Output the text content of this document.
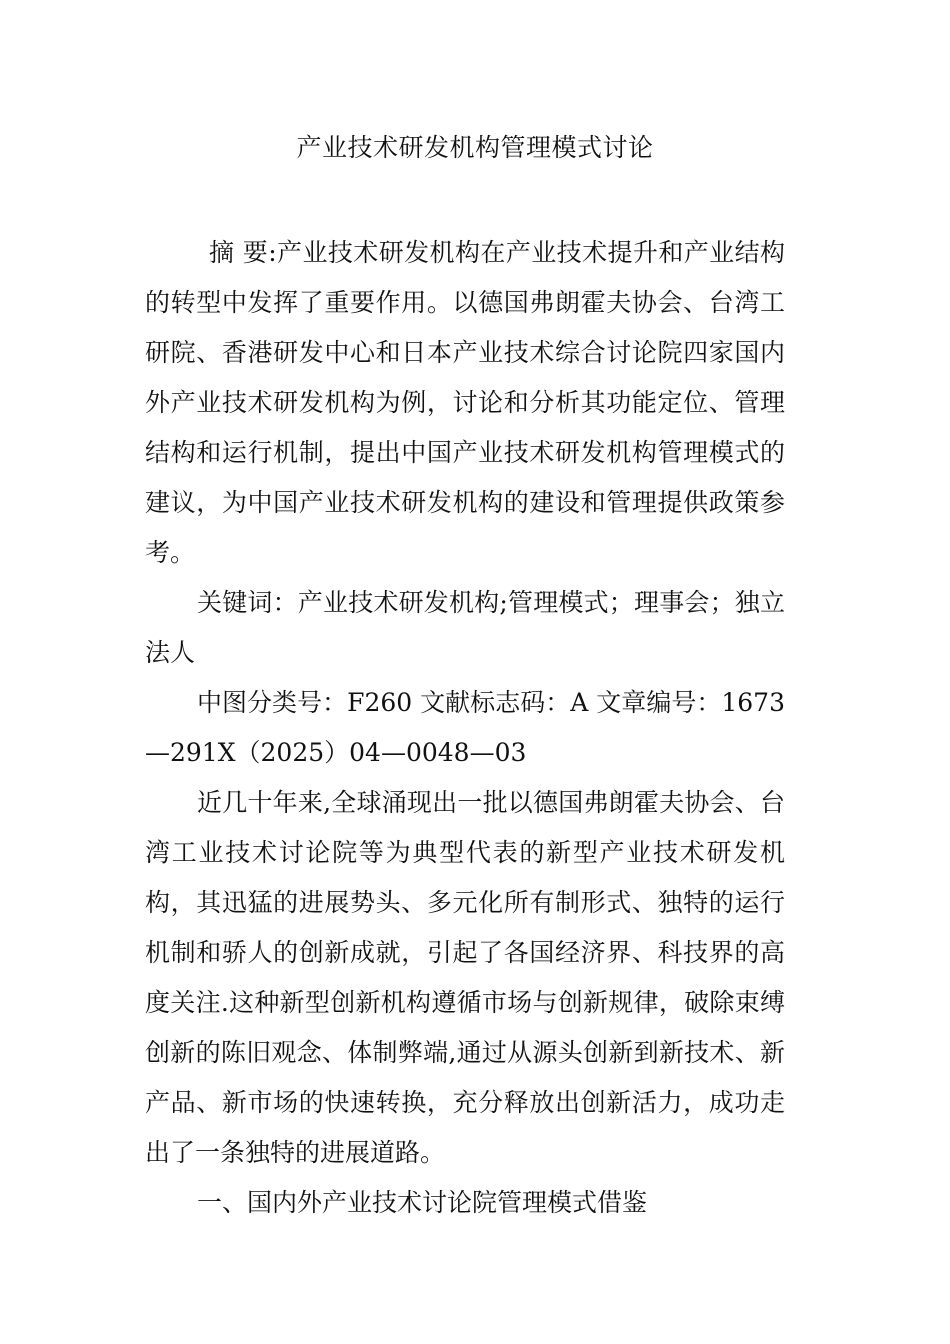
产业技术研发机构管理模式讨论

摘 要:产业技术研发机构在产业技术提升和产业结构的转型中发挥了重要作用。以德国弗朗霍夫协会、台湾工研院、香港研发中心和日本产业技术综合讨论院四家国内外产业技术研发机构为例，讨论和分析其功能定位、管理结构和运行机制，提出中国产业技术研发机构管理模式的建议，为中国产业技术研发机构的建设和管理提供政策参考。

关键词：产业技术研发机构;管理模式；理事会；独立法人

中图分类号：F260 文献标志码：A 文章编号：1673—291X（2025）04—0048—03

近几十年来,全球涌现出一批以德国弗朗霍夫协会、台湾工业技术讨论院等为典型代表的新型产业技术研发机构，其迅猛的进展势头、多元化所有制形式、独特的运行机制和骄人的创新成就，引起了各国经济界、科技界的高度关注.这种新型创新机构遵循市场与创新规律，破除束缚创新的陈旧观念、体制弊端,通过从源头创新到新技术、新产品、新市场的快速转换，充分释放出创新活力，成功走出了一条独特的进展道路。

一、国内外产业技术讨论院管理模式借鉴
